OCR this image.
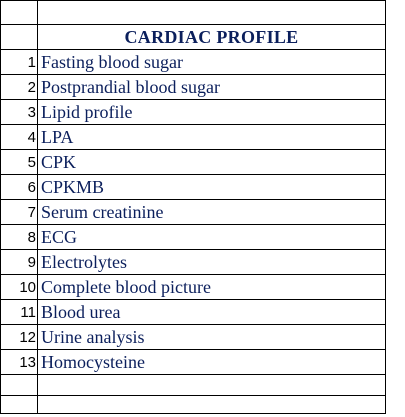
	CARDIAC PROFILE
1	Fasting blood sugar
2	Postprandial blood sugar
3	Lipid profile
4	LPA
5	CPK
6	CPKMB
7	Serum creatinine
8	ECG
9	Electrolytes
10	Complete blood picture
11	Blood urea
12	Urine analysis
13	Homocysteine
